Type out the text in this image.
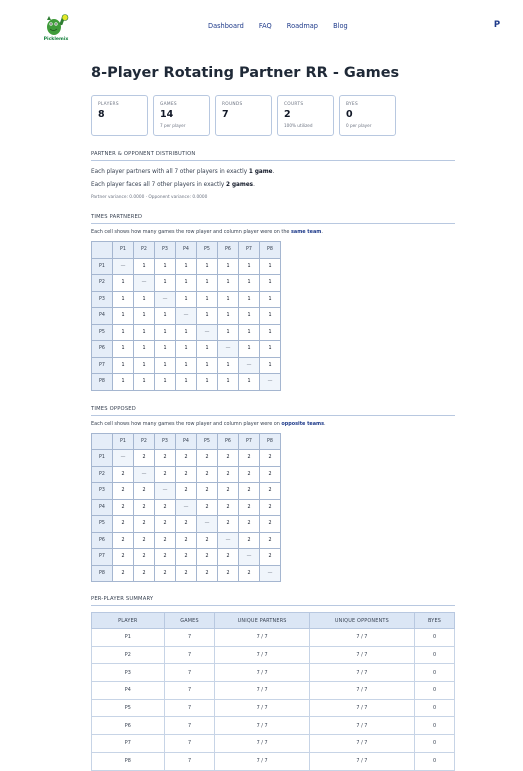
Picklemix
Dashboard FAQ Roadmap Blog	P
8-Player Rotating Partner RR - Games
PLAYERS
8
GAMES
14
7 per player
ROUNDS
7
COURTS
2
100% utilized
BYES
0
0 per player
PARTNER & OPPONENT DISTRIBUTION
Each player partners with all 7 other players in exactly 1 game.
Each player faces all 7 other players in exactly 2 games.
Partner variance: 0.0000 · Opponent variance: 0.0000
TIMES PARTNERED
Each cell shows how many games the row player and column player were on the same team.
	P1	P2	P3	P4	P5	P6	P7	P8
P1	—	1	1	1	1	1	1	1
P2	1	—	1	1	1	1	1	1
P3	1	1	—	1	1	1	1	1
P4	1	1	1	—	1	1	1	1
P5	1	1	1	1	—	1	1	1
P6	1	1	1	1	1	—	1	1
P7	1	1	1	1	1	1	—	1
P8	1	1	1	1	1	1	1	—
TIMES OPPOSED
Each cell shows how many games the row player and column player were on opposite teams.
	P1	P2	P3	P4	P5	P6	P7	P8
P1	—	2	2	2	2	2	2	2
P2	2	—	2	2	2	2	2	2
P3	2	2	—	2	2	2	2	2
P4	2	2	2	—	2	2	2	2
P5	2	2	2	2	—	2	2	2
P6	2	2	2	2	2	—	2	2
P7	2	2	2	2	2	2	—	2
P8	2	2	2	2	2	2	2	—
PER-PLAYER SUMMARY
PLAYER	GAMES	UNIQUE PARTNERS	UNIQUE OPPONENTS	BYES
P1	7	7 / 7	7 / 7	0
P2	7	7 / 7	7 / 7	0
P3	7	7 / 7	7 / 7	0
P4	7	7 / 7	7 / 7	0
P5	7	7 / 7	7 / 7	0
P6	7	7 / 7	7 / 7	0
P7	7	7 / 7	7 / 7	0
P8	7	7 / 7	7 / 7	0
